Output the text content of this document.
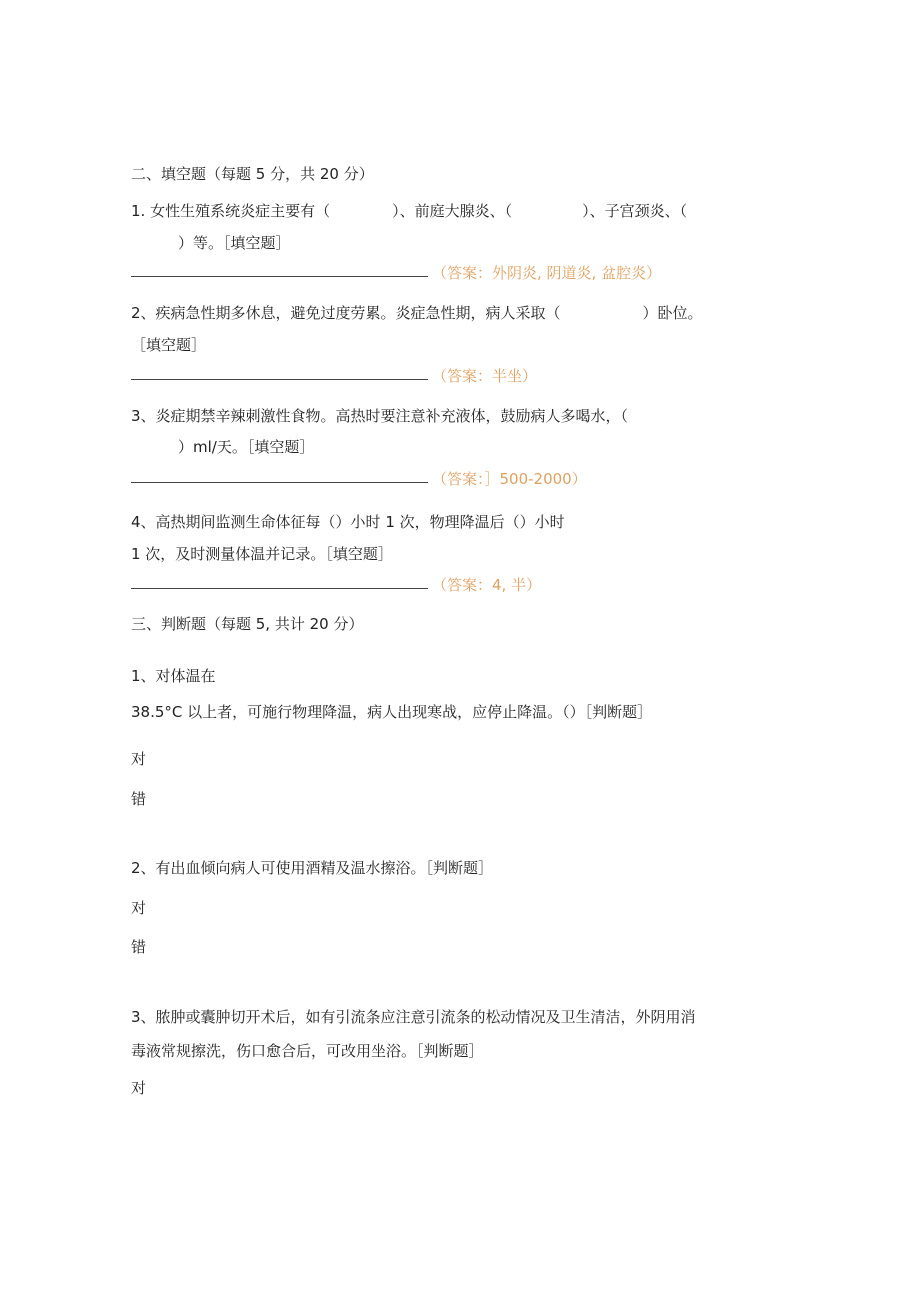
二、填空题（每题 5 分，共 20 分）
1. 女性生殖系统炎症主要有（	）、前庭大腺炎、（	）、子宫颈炎、（
）等。［填空题］
（答案：外阴炎, 阴道炎, 盆腔炎）
2、疾病急性期多休息，避免过度劳累。炎症急性期，病人采取（	）卧位。
［填空题］
（答案：半坐）
3、炎症期禁辛辣刺激性食物。高热时要注意补充液体，鼓励病人多喝水，（
）ml/天。［填空题］
（答案：］500-2000）
4、高热期间监测生命体征每（）小时 1 次，物理降温后（）小时
1 次，及时测量体温并记录。［填空题］
（答案：4, 半）
三、判断题（每题 5, 共计 20 分）
1、对体温在
38.5°C 以上者，可施行物理降温，病人出现寒战，应停止降温。（）［判断题］
对
错
2、有出血倾向病人可使用酒精及温水擦浴。［判断题］
对
错
3、脓肿或囊肿切开术后，如有引流条应注意引流条的松动情况及卫生清洁，外阴用消
毒液常规擦洗，伤口愈合后，可改用坐浴。［判断题］
对
